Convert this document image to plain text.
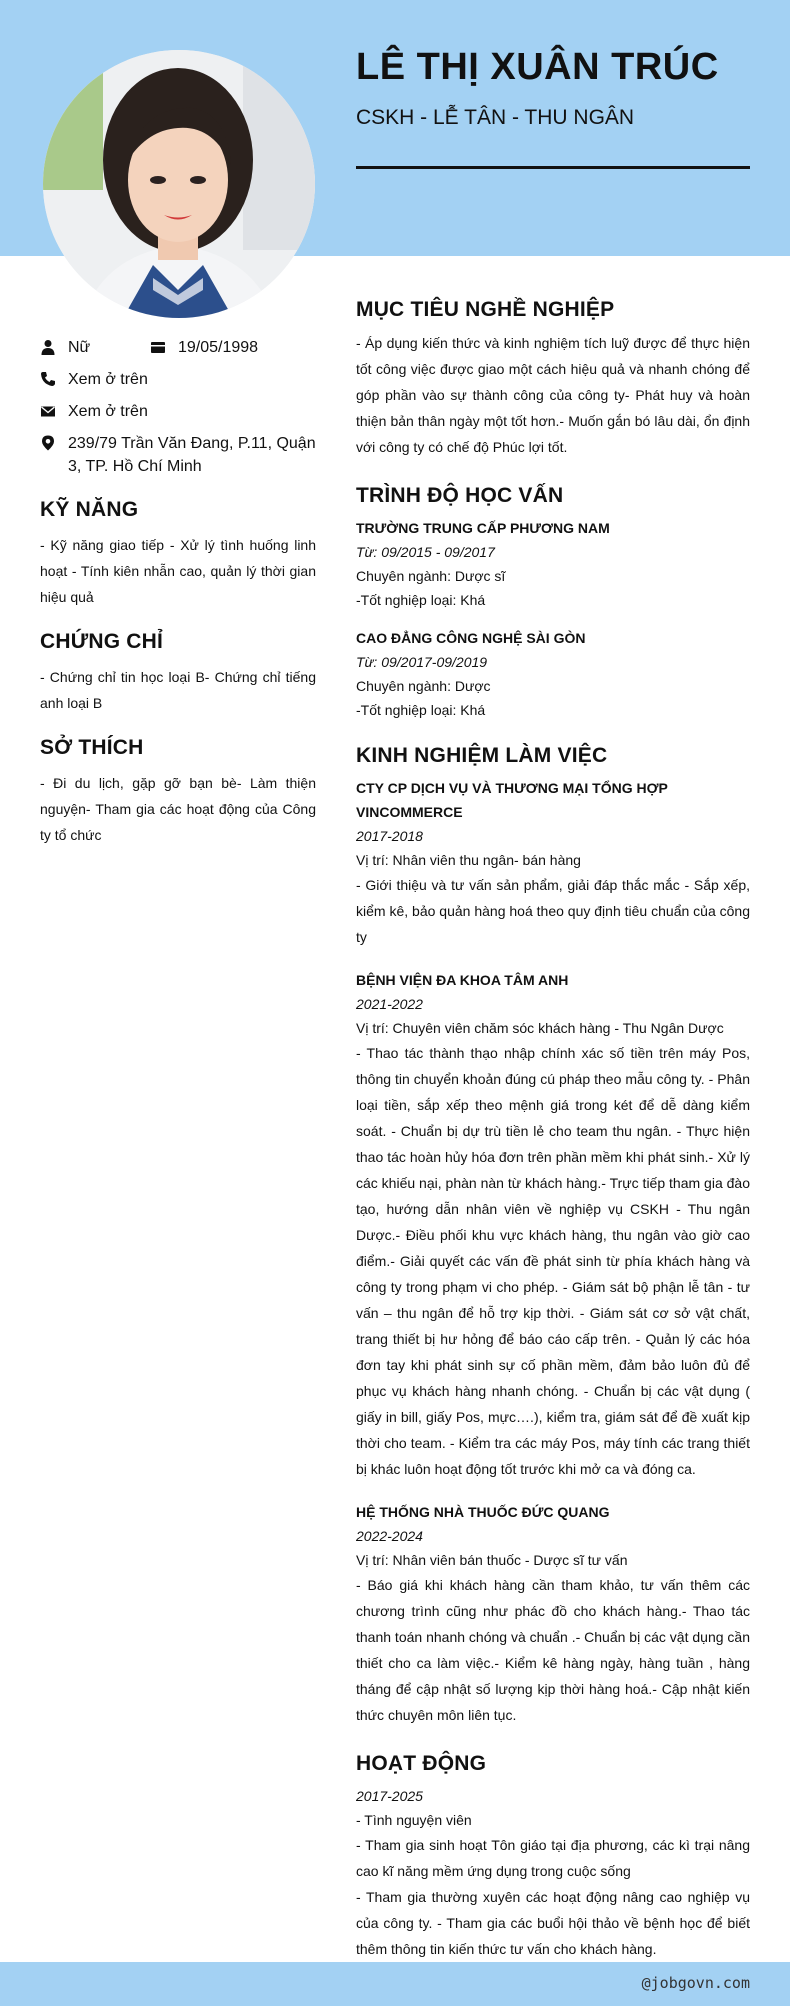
LÊ THỊ XUÂN TRÚC
CSKH - LỄ TÂN - THU NGÂN
Nữ	19/05/1998
Xem ở trên
Xem ở trên
239/79 Trần Văn Đang, P.11, Quận 3, TP. Hồ Chí Minh
KỸ NĂNG

- Kỹ năng giao tiếp - Xử lý tình huống linh hoạt - Tính kiên nhẫn cao, quản lý thời gian hiệu quả

CHỨNG CHỈ

- Chứng chỉ tin học loại B- Chứng chỉ tiếng anh loại B

SỞ THÍCH

- Đi du lịch, gặp gỡ bạn bè- Làm thiện nguyện- Tham gia các hoạt động của Công ty tổ chức

MỤC TIÊU NGHỀ NGHIỆP

- Áp dụng kiến thức và kinh nghiệm tích luỹ được để thực hiện tốt công việc được giao một cách hiệu quả và nhanh chóng để góp phần vào sự thành công của công ty- Phát huy và hoàn thiện bản thân ngày một tốt hơn.- Muốn gắn bó lâu dài, ổn định với công ty có chế độ Phúc lợi tốt.

TRÌNH ĐỘ HỌC VẤN
TRƯỜNG TRUNG CẤP PHƯƠNG NAM
Từ: 09/2015 - 09/2017
Chuyên ngành: Dược sĩ
-Tốt nghiệp loại: Khá
CAO ĐẲNG CÔNG NGHỆ SÀI GÒN
Từ: 09/2017-09/2019
Chuyên ngành: Dược
-Tốt nghiệp loại: Khá
KINH NGHIỆM LÀM VIỆC
CTY CP DỊCH VỤ VÀ THƯƠNG MẠI TỔNG HỢP VINCOMMERCE
2017-2018
Vị trí: Nhân viên thu ngân- bán hàng

- Giới thiệu và tư vấn sản phẩm, giải đáp thắc mắc - Sắp xếp, kiểm kê, bảo quản hàng hoá theo quy định tiêu chuẩn của công ty

BỆNH VIỆN ĐA KHOA TÂM ANH
2021-2022
Vị trí: Chuyên viên chăm sóc khách hàng - Thu Ngân Dược

- Thao tác thành thạo nhập chính xác số tiền trên máy Pos, thông tin chuyển khoản đúng cú pháp theo mẫu công ty. - Phân loại tiền, sắp xếp theo mệnh giá trong két để dễ dàng kiểm soát. - Chuẩn bị dự trù tiền lẻ cho team thu ngân. - Thực hiện thao tác hoàn hủy hóa đơn trên phần mềm khi phát sinh.- Xử lý các khiếu nại, phàn nàn từ khách hàng.- Trực tiếp tham gia đào tạo, hướng dẫn nhân viên về nghiệp vụ CSKH - Thu ngân Dược.- Điều phối khu vực khách hàng, thu ngân vào giờ cao điểm.- Giải quyết các vấn đề phát sinh từ phía khách hàng và công ty trong phạm vi cho phép. - Giám sát bộ phận lễ tân - tư vấn – thu ngân để hỗ trợ kịp thời. - Giám sát cơ sở vật chất, trang thiết bị hư hỏng để báo cáo cấp trên. - Quản lý các hóa đơn tay khi phát sinh sự cố phần mềm, đảm bảo luôn đủ để phục vụ khách hàng nhanh chóng. - Chuẩn bị các vật dụng ( giấy in bill, giấy Pos, mực….), kiểm tra, giám sát để đề xuất kịp thời cho team. - Kiểm tra các máy Pos, máy tính các trang thiết bị khác luôn hoạt động tốt trước khi mở ca và đóng ca.

HỆ THỐNG NHÀ THUỐC ĐỨC QUANG
2022-2024
Vị trí: Nhân viên bán thuốc - Dược sĩ tư vấn

- Báo giá khi khách hàng cần tham khảo, tư vấn thêm các chương trình cũng như phác đồ cho khách hàng.- Thao tác thanh toán nhanh chóng và chuẩn .- Chuẩn bị các vật dụng cần thiết cho ca làm việc.- Kiểm kê hàng ngày, hàng tuần , hàng tháng để cập nhật số lượng kịp thời hàng hoá.- Cập nhật kiến thức chuyên môn liên tục.

HOẠT ĐỘNG
2017-2025
- Tình nguyện viên

- Tham gia sinh hoạt Tôn giáo tại địa phương, các kì trại nâng cao kĩ năng mềm ứng dụng trong cuộc sống

- Tham gia thường xuyên các hoạt động nâng cao nghiệp vụ của công ty. - Tham gia các buổi hội thảo về bệnh học để biết thêm thông tin kiến thức tư vấn cho khách hàng.

@jobgovn.com
